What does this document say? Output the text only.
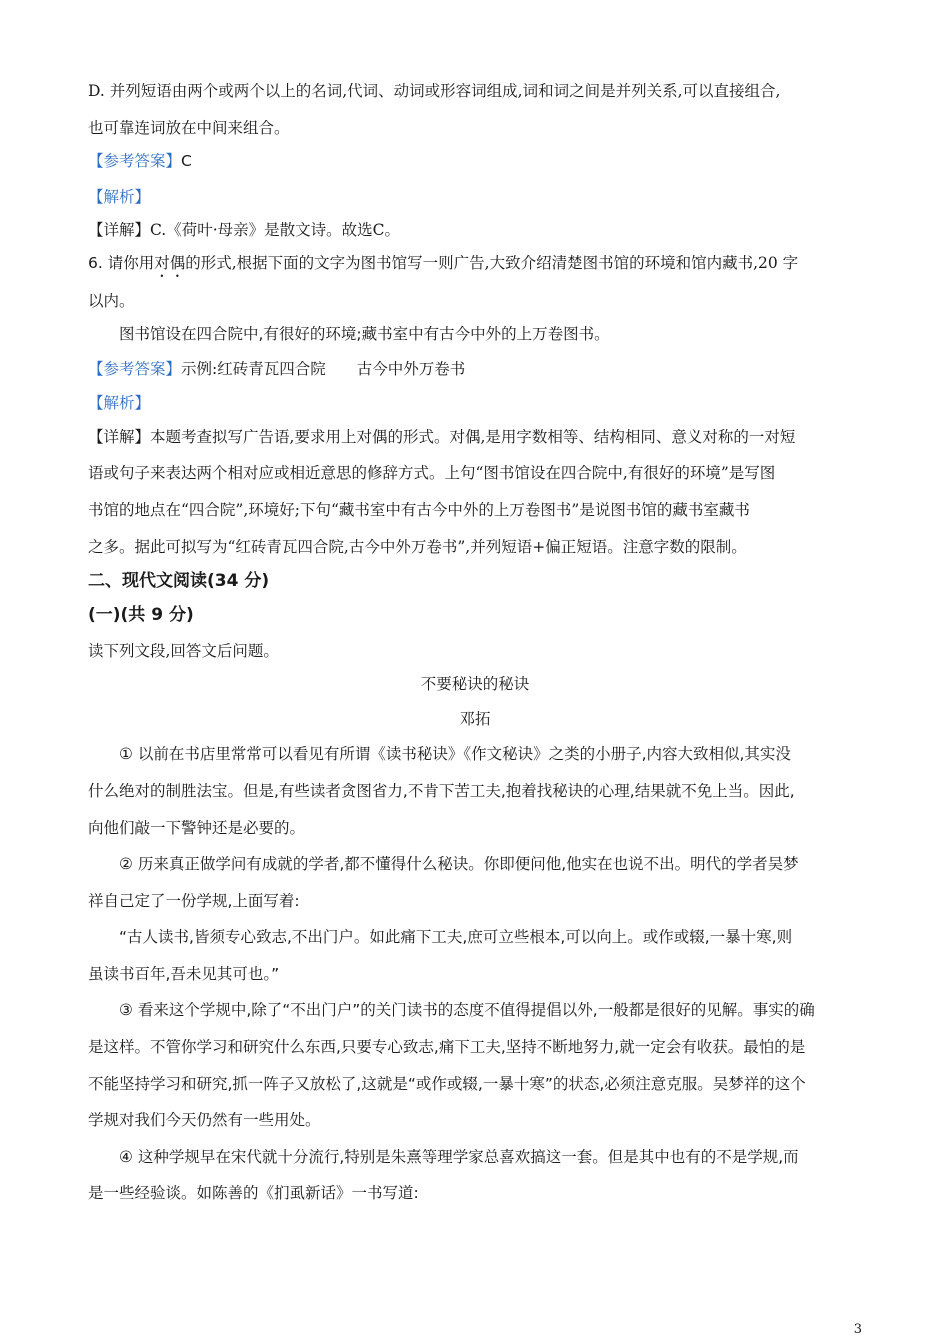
D. 并列短语由两个或两个以上的名词,代词、动词或形容词组成,词和词之间是并列关系,可以直接组合,
也可靠连词放在中间来组合。
【参考答案】C
【解析】
【详解】C.《荷叶·母亲》是散文诗。故选C。
6. 请你用对偶的形式,根据下面的文字为图书馆写一则广告,大致介绍清楚图书馆的环境和馆内藏书,20 字
以内。
图书馆设在四合院中,有很好的环境;藏书室中有古今中外的上万卷图书。
【参考答案】示例:红砖青瓦四合院　　古今中外万卷书
【解析】
【详解】本题考查拟写广告语,要求用上对偶的形式。对偶,是用字数相等、结构相同、意义对称的一对短
语或句子来表达两个相对应或相近意思的修辞方式。上句“图书馆设在四合院中,有很好的环境”是写图
书馆的地点在“四合院”,环境好;下句“藏书室中有古今中外的上万卷图书”是说图书馆的藏书室藏书
之多。据此可拟写为“红砖青瓦四合院,古今中外万卷书”,并列短语+偏正短语。注意字数的限制。
二、现代文阅读(34 分)
(一)(共 9 分)
读下列文段,回答文后问题。
不要秘诀的秘诀
邓拓
① 以前在书店里常常可以看见有所谓《读书秘诀》《作文秘诀》之类的小册子,内容大致相似,其实没
什么绝对的制胜法宝。但是,有些读者贪图省力,不肯下苦工夫,抱着找秘诀的心理,结果就不免上当。因此,
向他们敲一下警钟还是必要的。
② 历来真正做学问有成就的学者,都不懂得什么秘诀。你即便问他,他实在也说不出。明代的学者吴梦
祥自己定了一份学规,上面写着:
“古人读书,皆须专心致志,不出门户。如此痛下工夫,庶可立些根本,可以向上。或作或辍,一暴十寒,则
虽读书百年,吾未见其可也。”
③ 看来这个学规中,除了“不出门户”的关门读书的态度不值得提倡以外,一般都是很好的见解。事实的确
是这样。不管你学习和研究什么东西,只要专心致志,痛下工夫,坚持不断地努力,就一定会有收获。最怕的是
不能坚持学习和研究,抓一阵子又放松了,这就是“或作或辍,一暴十寒”的状态,必须注意克服。吴梦祥的这个
学规对我们今天仍然有一些用处。
④ 这种学规早在宋代就十分流行,特别是朱熹等理学家总喜欢搞这一套。但是其中也有的不是学规,而
是一些经验谈。如陈善的《扪虱新话》一书写道:
3
